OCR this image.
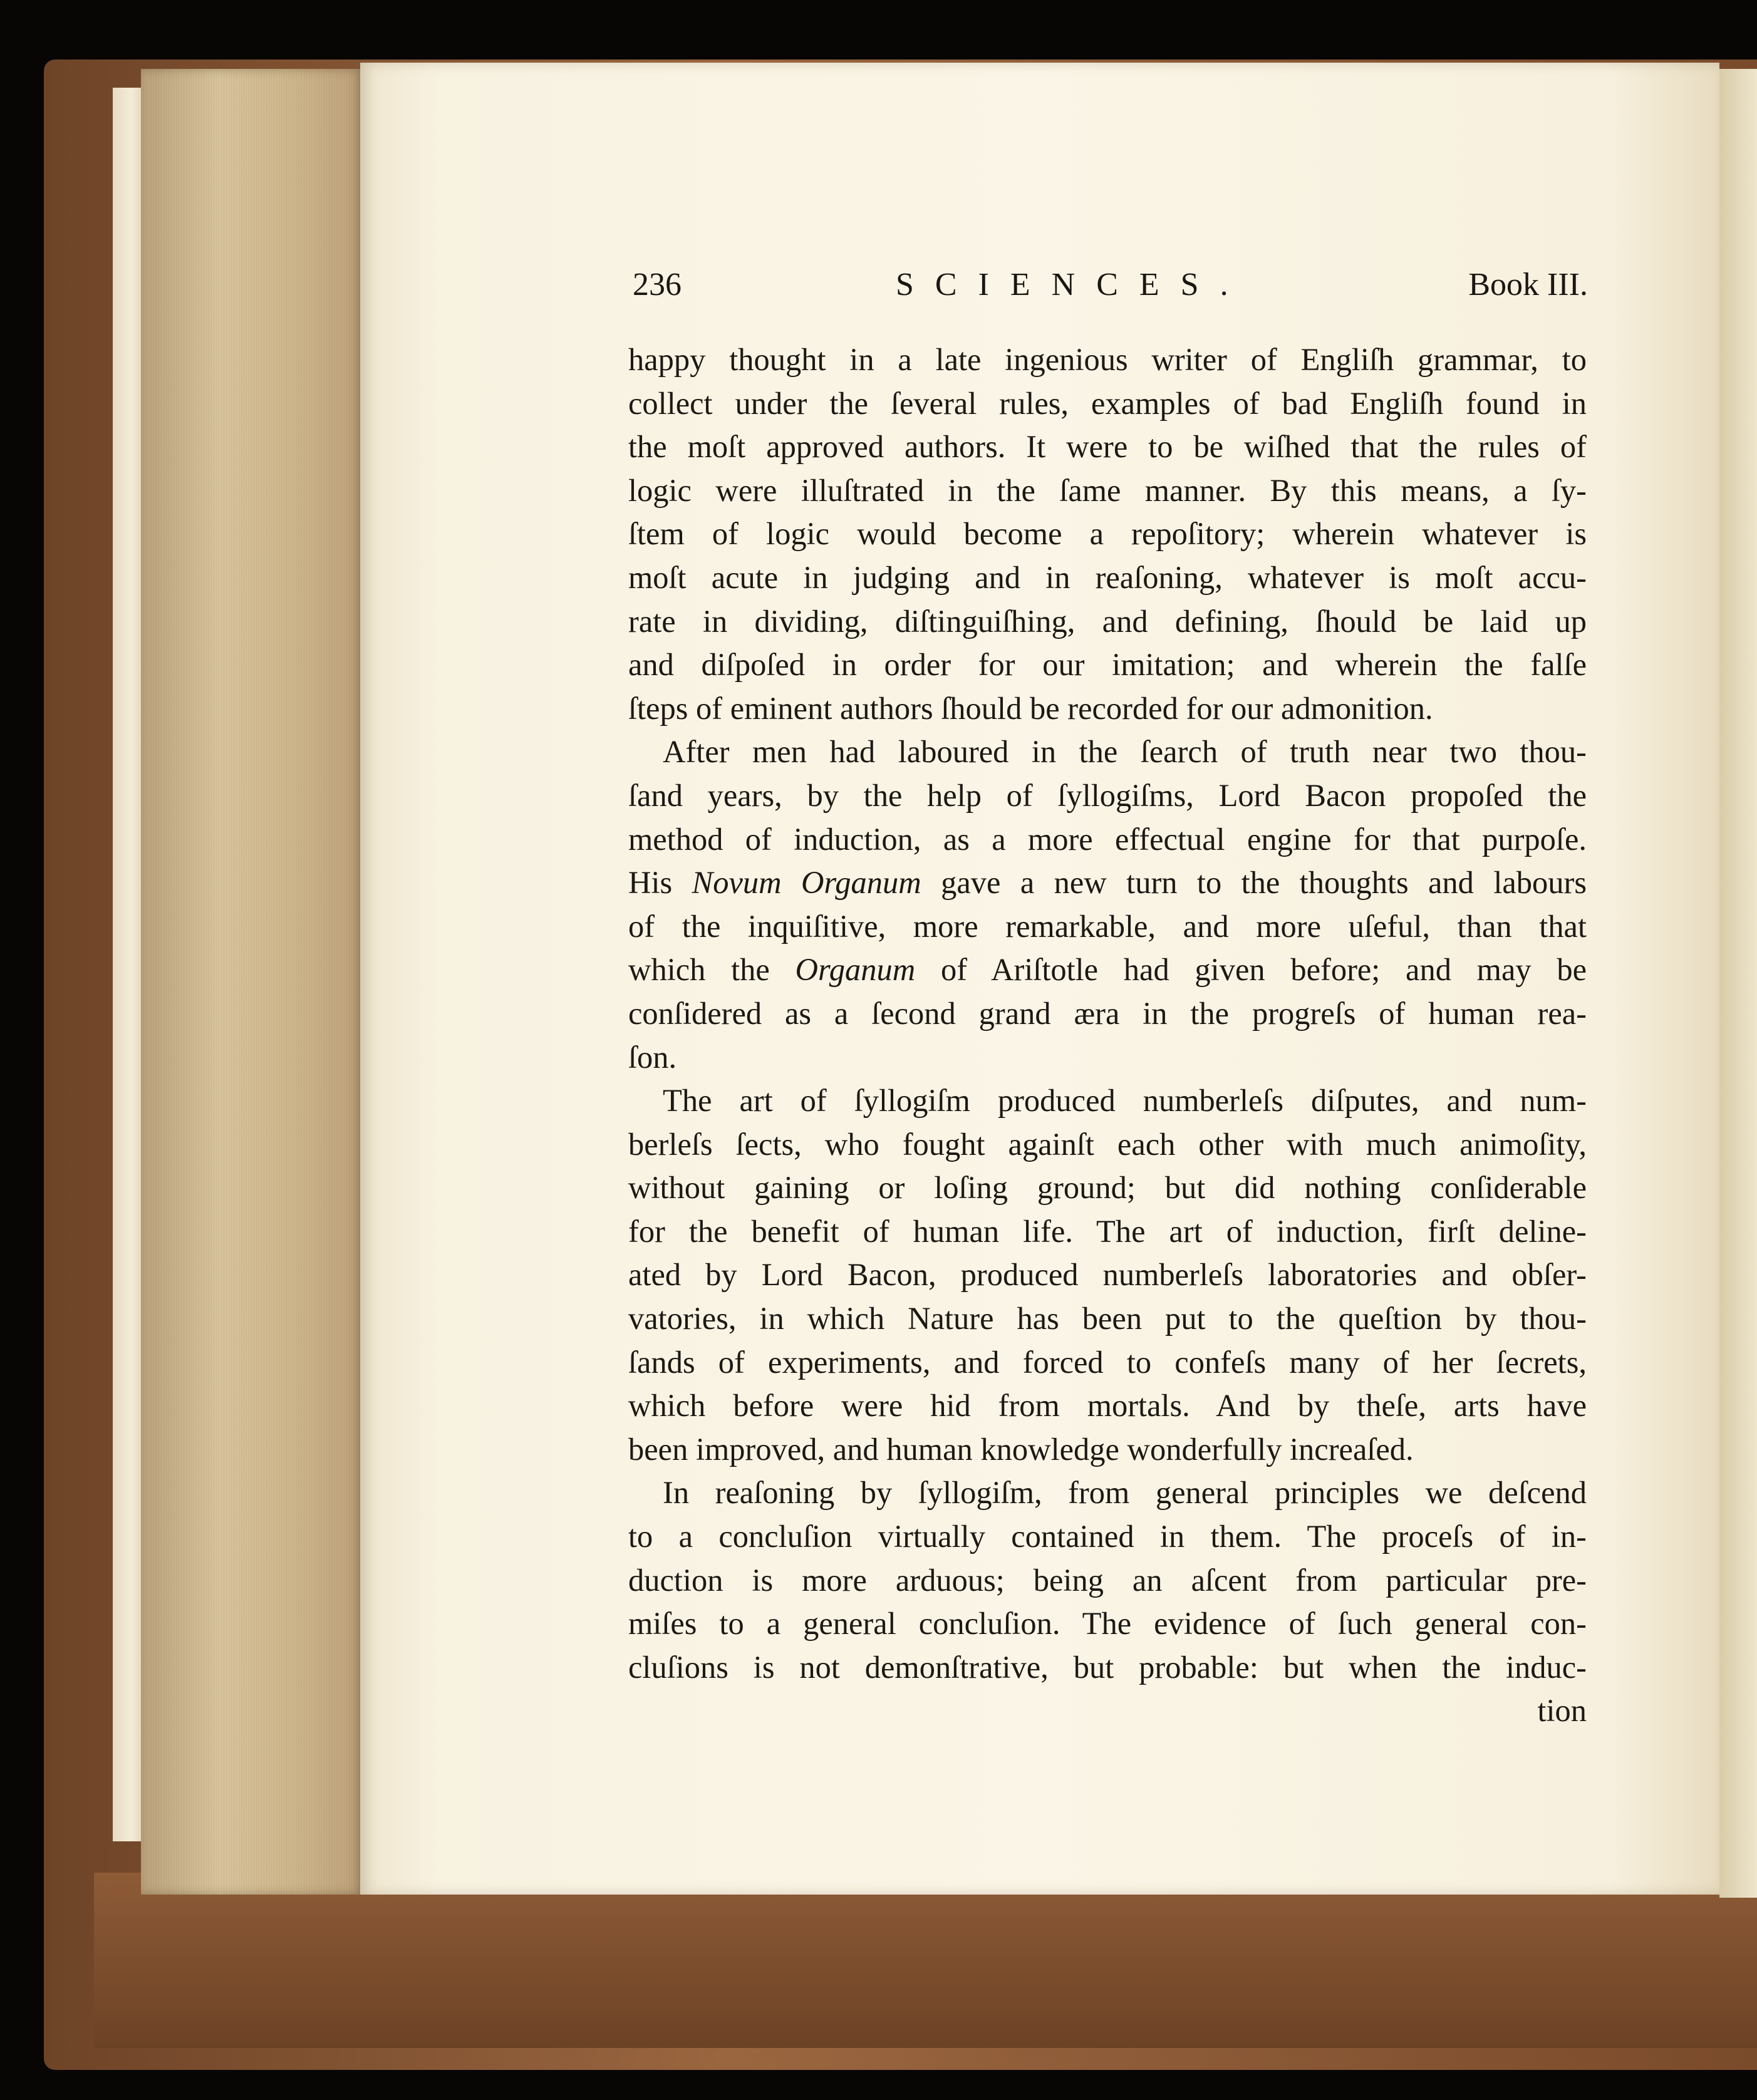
236	SCIENCES.	Book III.
happy thought in a late ingenious writer of Engliſh grammar, to
collect under the ſeveral rules, examples of bad Engliſh found in
the moſt approved authors. It were to be wiſhed that the rules of
logic were illuſtrated in the ſame manner. By this means, a ſy-
ſtem of logic would become a repoſitory; wherein whatever is
moſt acute in judging and in reaſoning, whatever is moſt accu-
rate in dividing, diſtinguiſhing, and defining, ſhould be laid up
and diſpoſed in order for our imitation; and wherein the falſe
ſteps of eminent authors ſhould be recorded for our admonition.
After men had laboured in the ſearch of truth near two thou-
ſand years, by the help of ſyllogiſms, Lord Bacon propoſed the
method of induction, as a more effectual engine for that purpoſe.
His Novum Organum gave a new turn to the thoughts and labours
of the inquiſitive, more remarkable, and more uſeful, than that
which the Organum of Ariſtotle had given before; and may be
conſidered as a ſecond grand æra in the progreſs of human rea-
ſon.
The art of ſyllogiſm produced numberleſs diſputes, and num-
berleſs ſects, who fought againſt each other with much animoſity,
without gaining or loſing ground; but did nothing conſiderable
for the benefit of human life. The art of induction, firſt deline-
ated by Lord Bacon, produced numberleſs laboratories and obſer-
vatories, in which Nature has been put to the queſtion by thou-
ſands of experiments, and forced to confeſs many of her ſecrets,
which before were hid from mortals. And by theſe, arts have
been improved, and human knowledge wonderfully increaſed.
In reaſoning by ſyllogiſm, from general principles we deſcend
to a concluſion virtually contained in them. The proceſs of in-
duction is more arduous; being an aſcent from particular pre-
miſes to a general concluſion. The evidence of ſuch general con-
cluſions is not demonſtrative, but probable: but when the induc-
tion
